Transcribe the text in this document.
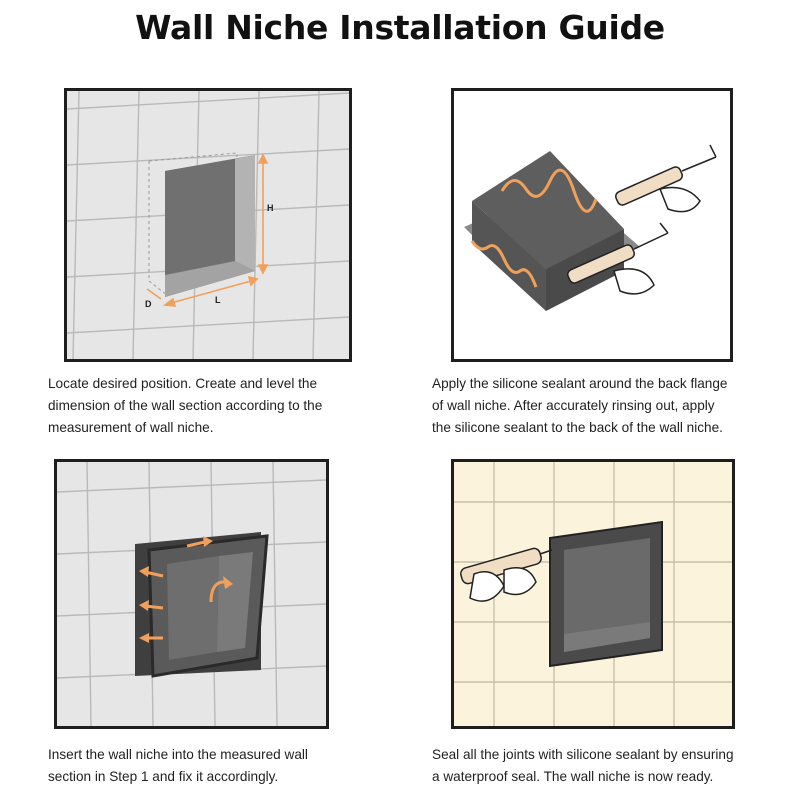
Wall Niche Installation Guide
H
L
D
Locate desired position. Create and level the
dimension of the wall section according to the
measurement of wall niche.
Apply the silicone sealant around the back flange
of wall niche. After accurately rinsing out, apply
the silicone sealant to the back of the wall niche.
Insert the wall niche into the measured wall
section in Step 1 and fix it accordingly.
Seal all the joints with silicone sealant by ensuring
a waterproof seal. The wall niche is now ready.
